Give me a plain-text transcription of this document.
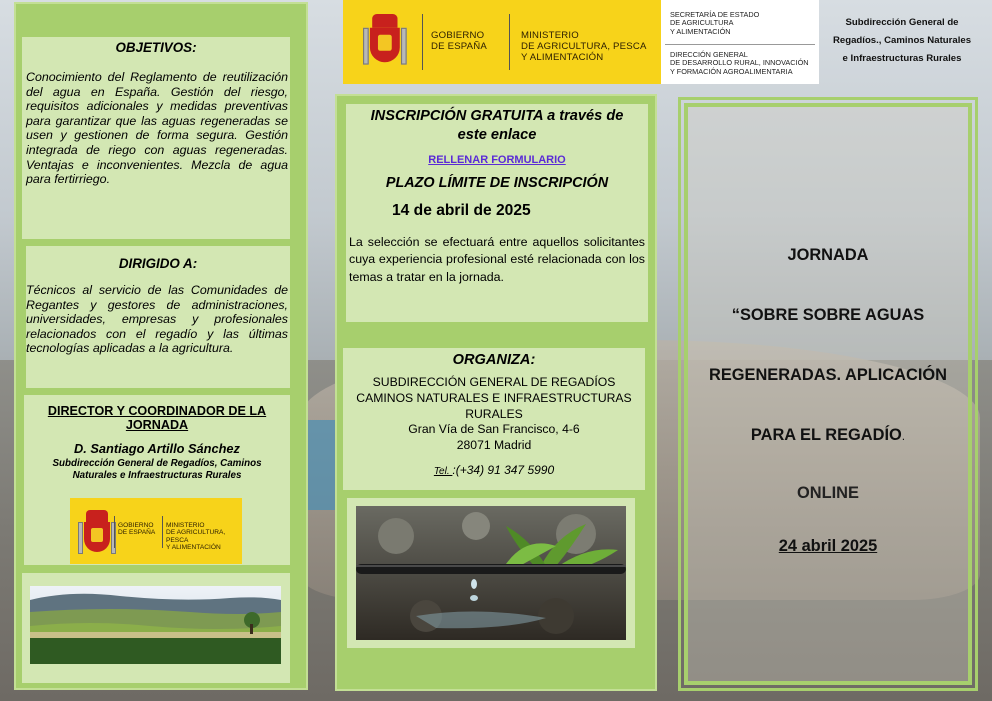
OBJETIVOS:
Conocimiento del Reglamento de reutilización del agua en España. Gestión del riesgo, requisitos adicionales y medidas preventivas para garantizar que las aguas regeneradas se usen y gestionen de forma segura. Gestión integrada de riego con aguas regeneradas. Ventajas e inconvenientes. Mezcla de agua para fertirriego.
DIRIGIDO A:
Técnicos al servicio de las Comunidades de Regantes y gestores de administraciones, universidades, empresas y profesionales relacionados con el regadío y las últimas tecnologías aplicadas a la agricultura.
DIRECTOR Y COORDINADOR DE LA
JORNADA
D. Santiago Artillo Sánchez
Subdirección General de Regadíos, Caminos
Naturales e Infraestructuras Rurales
GOBIERNO
DE ESPAÑA
MINISTERIO
DE AGRICULTURA, PESCA
Y ALIMENTACIÓN
GOBIERNO
DE ESPAÑA
MINISTERIO
DE AGRICULTURA, PESCA
Y ALIMENTACIÓN
SECRETARÍA DE ESTADO
DE AGRICULTURA
Y ALIMENTACIÓN
DIRECCIÓN GENERAL
DE DESARROLLO RURAL, INNOVACIÓN
Y FORMACIÓN AGROALIMENTARIA
Subdirección General de
Regadíos., Caminos Naturales
e Infraestructuras Rurales
INSCRIPCIÓN GRATUITA a través de
este enlace
RELLENAR FORMULARIO
PLAZO LÍMITE DE INSCRIPCIÓN
14 de abril de 2025
La selección se efectuará entre aquellos solicitantes cuya experiencia profesional esté relacionada con los temas a tratar en la jornada.
ORGANIZA:
SUBDIRECCIÓN GENERAL DE REGADÍOS
CAMINOS NATURALES E INFRAESTRUCTURAS
RURALES
Gran Vía de San Francisco, 4-6
28071 Madrid
Tel. :(+34) 91 347 5990
JORNADA
“SOBRE SOBRE AGUAS
REGENERADAS. APLICACIÓN
PARA EL REGADÍO.
ONLINE
24 abril 2025
